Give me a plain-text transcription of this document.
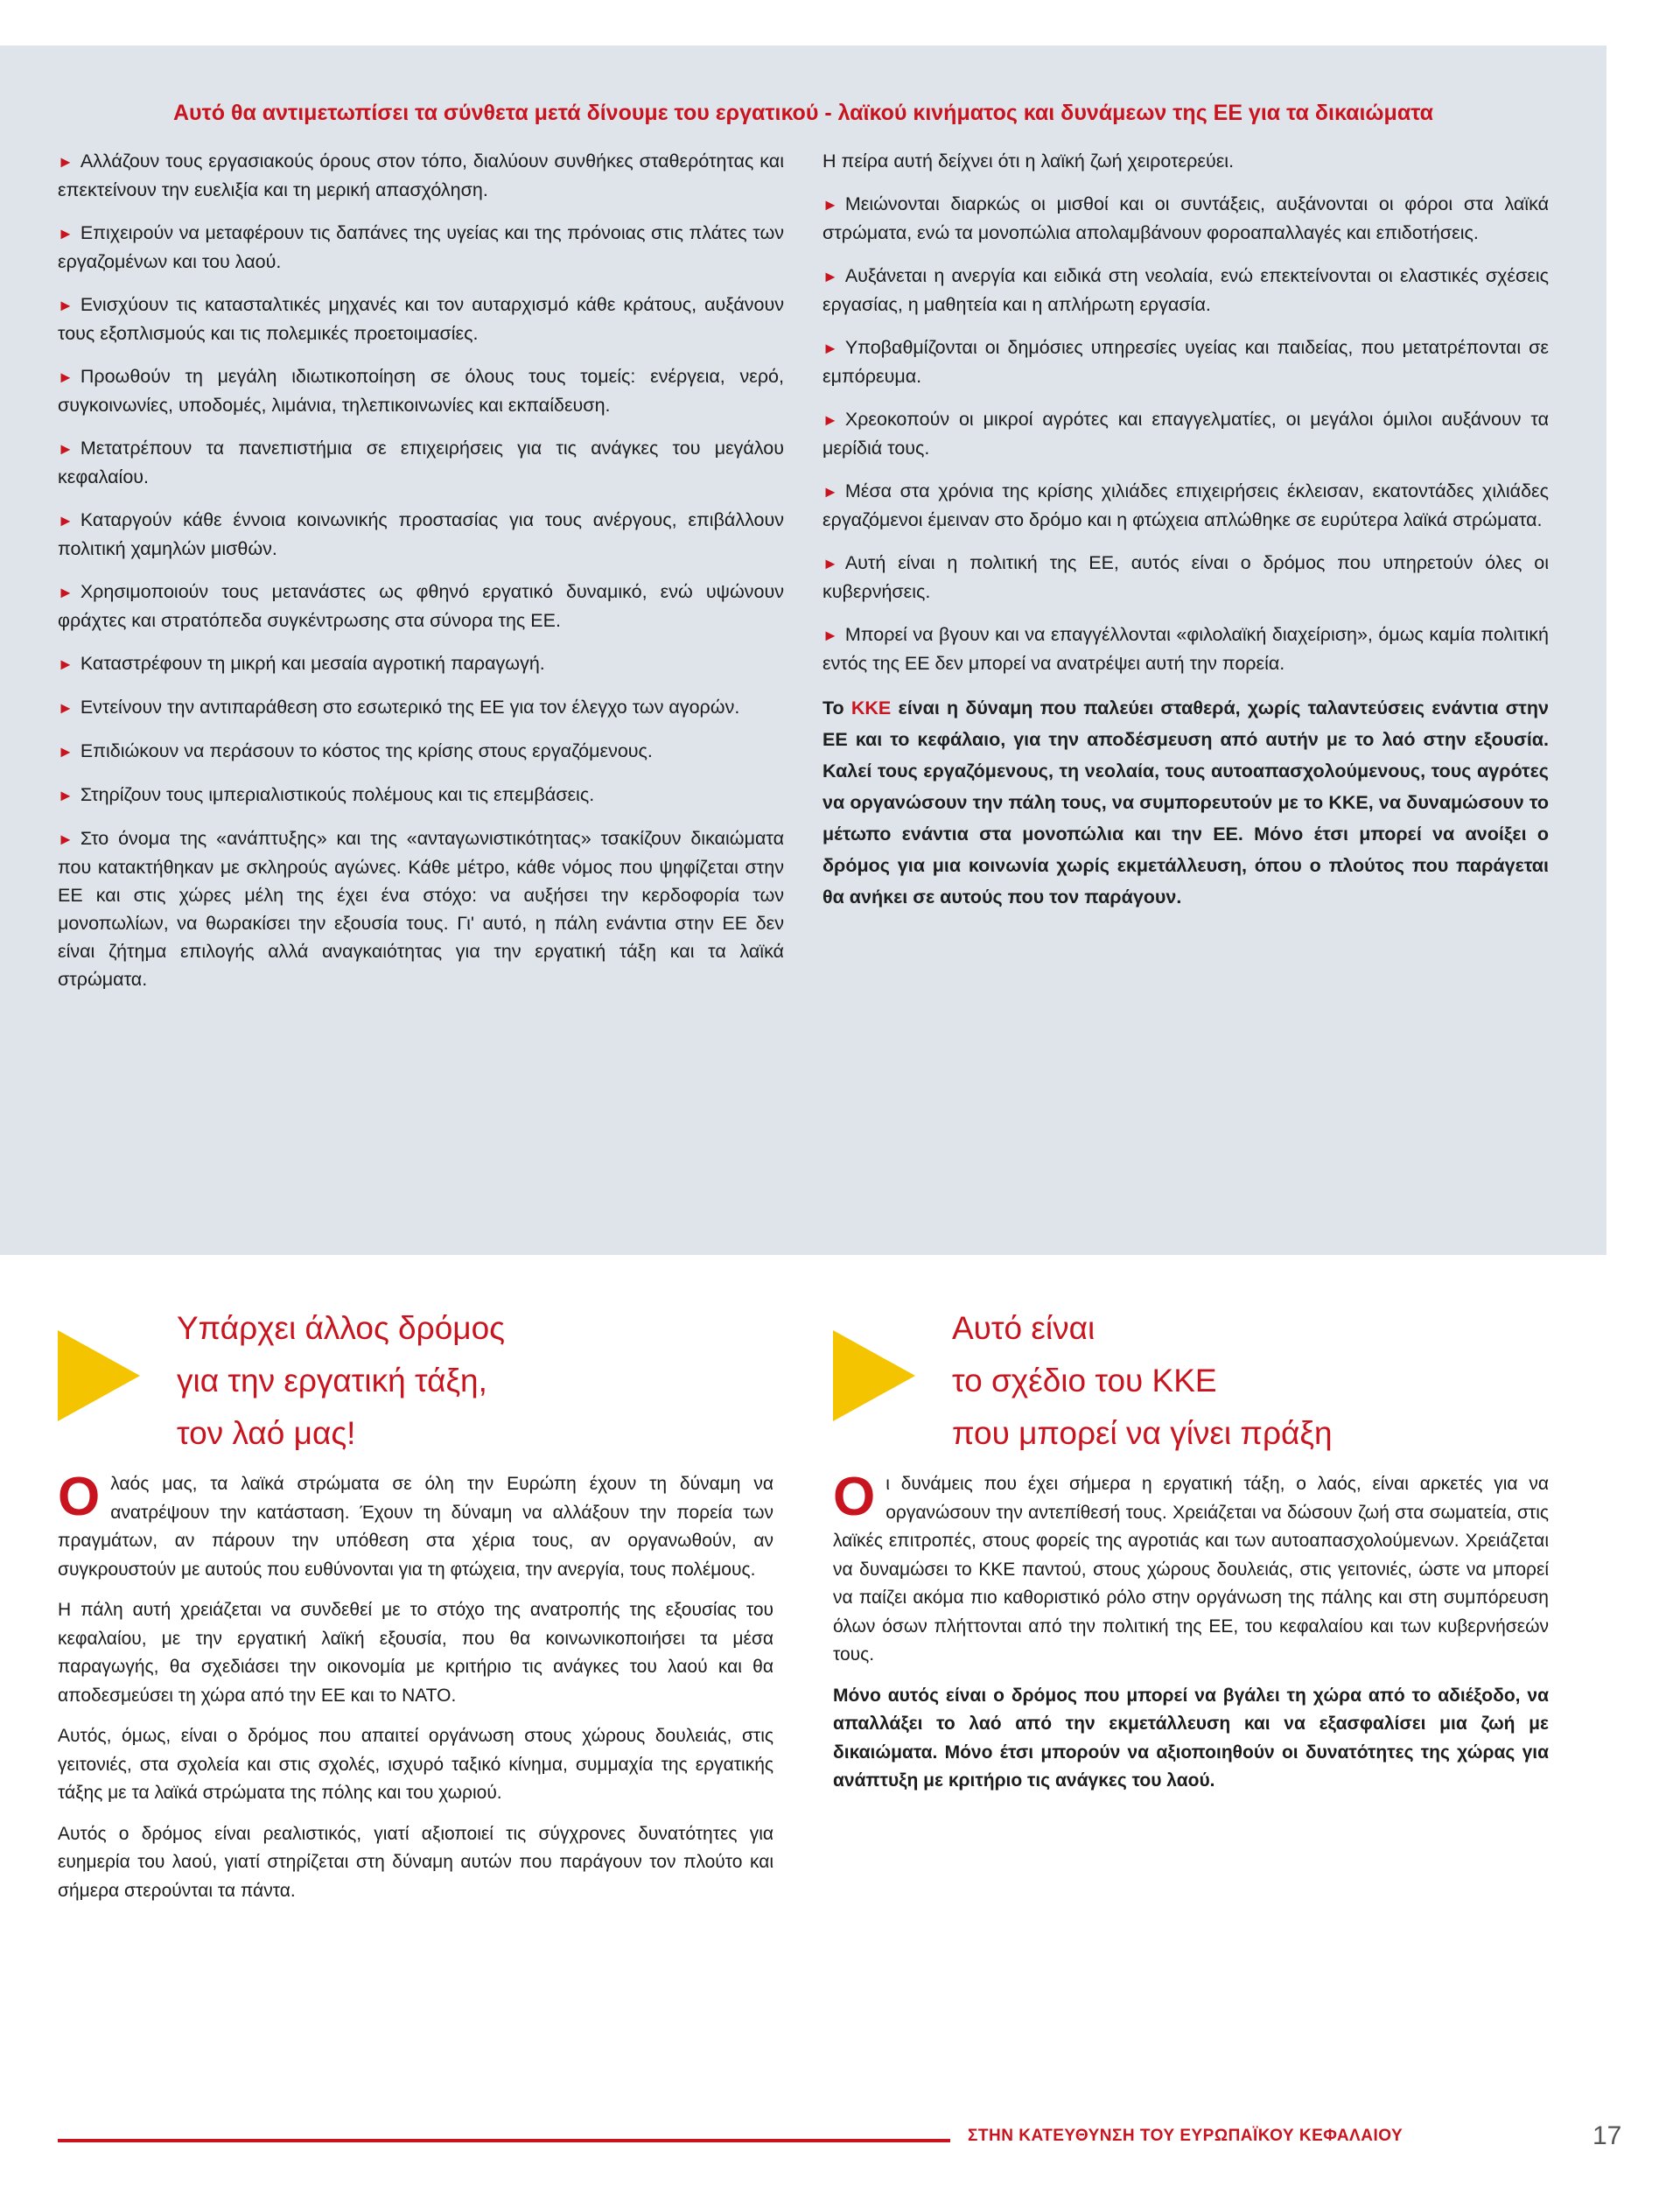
Αυτό θα αντιμετωπίσει τα σύνθετα μετά δίνουμε του εργατικού - λαϊκού κινήματος και δυνάμεων της ΕΕ για τα δικαιώματα
► Αλλάζουν τους εργασιακούς όρους στον τόπο, διαλύουν συνθήκες σταθερότητας και επεκτείνουν την ευελιξία και τη μερική απασχόληση.
► Επιχειρούν να μεταφέρουν τις δαπάνες της υγείας και της πρόνοιας στις πλάτες των εργαζομένων και του λαού.
► Ενισχύουν τις κατασταλτικές μηχανές και τον αυταρχισμό κάθε κράτους, αυξάνουν τους εξοπλισμούς και τις πολεμικές προετοιμασίες.
► Προωθούν τη μεγάλη ιδιωτικοποίηση σε όλους τους τομείς: ενέργεια, νερό, συγκοινωνίες, υποδομές, λιμάνια, τηλεπικοινωνίες και εκπαίδευση.
► Μετατρέπουν τα πανεπιστήμια σε επιχειρήσεις για τις ανάγκες του μεγάλου κεφαλαίου.
► Καταργούν κάθε έννοια κοινωνικής προστασίας για τους ανέργους, επιβάλλουν πολιτική χαμηλών μισθών.
► Χρησιμοποιούν τους μετανάστες ως φθηνό εργατικό δυναμικό, ενώ υψώνουν φράχτες και στρατόπεδα συγκέντρωσης στα σύνορα της ΕΕ.
► Καταστρέφουν τη μικρή και μεσαία αγροτική παραγωγή.
► Εντείνουν την αντιπαράθεση στο εσωτερικό της ΕΕ για τον έλεγχο των αγορών.
► Επιδιώκουν να περάσουν το κόστος της κρίσης στους εργαζόμενους.
► Στηρίζουν τους ιμπεριαλιστικούς πολέμους και τις επεμβάσεις.
► Στο όνομα της «ανάπτυξης» και της «ανταγωνιστικότητας» τσακίζουν δικαιώματα που κατακτήθηκαν με σκληρούς αγώνες. Κάθε μέτρο, κάθε νόμος που ψηφίζεται στην ΕΕ και στις χώρες μέλη της έχει ένα στόχο: να αυξήσει την κερδοφορία των μονοπωλίων, να θωρακίσει την εξουσία τους. Γι' αυτό, η πάλη ενάντια στην ΕΕ δεν είναι ζήτημα επιλογής αλλά αναγκαιότητας για την εργατική τάξη και τα λαϊκά στρώματα.
Η πείρα αυτή δείχνει ότι η λαϊκή ζωή χειροτερεύει.
► Μειώνονται διαρκώς οι μισθοί και οι συντάξεις, αυξάνονται οι φόροι στα λαϊκά στρώματα, ενώ τα μονοπώλια απολαμβάνουν φοροαπαλλαγές και επιδοτήσεις.
► Αυξάνεται η ανεργία και ειδικά στη νεολαία, ενώ επεκτείνονται οι ελαστικές σχέσεις εργασίας, η μαθητεία και η απλήρωτη εργασία.
► Υποβαθμίζονται οι δημόσιες υπηρεσίες υγείας και παιδείας, που μετατρέπονται σε εμπόρευμα.
► Χρεοκοπούν οι μικροί αγρότες και επαγγελματίες, οι μεγάλοι όμιλοι αυξάνουν τα μερίδιά τους.
► Μέσα στα χρόνια της κρίσης χιλιάδες επιχειρήσεις έκλεισαν, εκατοντάδες χιλιάδες εργαζόμενοι έμειναν στο δρόμο και η φτώχεια απλώθηκε σε ευρύτερα λαϊκά στρώματα.
► Αυτή είναι η πολιτική της ΕΕ, αυτός είναι ο δρόμος που υπηρετούν όλες οι κυβερνήσεις.
► Μπορεί να βγουν και να επαγγέλλονται «φιλολαϊκή διαχείριση», όμως καμία πολιτική εντός της ΕΕ δεν μπορεί να ανατρέψει αυτή την πορεία.
Το ΚΚΕ είναι η δύναμη που παλεύει σταθερά, χωρίς ταλαντεύσεις ενάντια στην ΕΕ και το κεφάλαιο, για την αποδέσμευση από αυτήν με το λαό στην εξουσία. Καλεί τους εργαζόμενους, τη νεολαία, τους αυτοαπασχολούμενους, τους αγρότες να οργανώσουν την πάλη τους, να συμπορευτούν με το ΚΚΕ, να δυναμώσουν το μέτωπο ενάντια στα μονοπώλια και την ΕΕ. Μόνο έτσι μπορεί να ανοίξει ο δρόμος για μια κοινωνία χωρίς εκμετάλλευση, όπου ο πλούτος που παράγεται θα ανήκει σε αυτούς που τον παράγουν.
Υπάρχει άλλος δρόμος
για την εργατική τάξη,
τον λαό μας!

Ο λαός μας, τα λαϊκά στρώματα σε όλη την Ευρώπη έχουν τη δύναμη να ανατρέψουν την κατάσταση. Έχουν τη δύναμη να αλλάξουν την πορεία των πραγμάτων, αν πάρουν την υπόθεση στα χέρια τους, αν οργανωθούν, αν συγκρουστούν με αυτούς που ευθύνονται για τη φτώχεια, την ανεργία, τους πολέμους.

Η πάλη αυτή χρειάζεται να συνδεθεί με το στόχο της ανατροπής της εξουσίας του κεφαλαίου, με την εργατική λαϊκή εξουσία, που θα κοινωνικοποιήσει τα μέσα παραγωγής, θα σχεδιάσει την οικονομία με κριτήριο τις ανάγκες του λαού και θα αποδεσμεύσει τη χώρα από την ΕΕ και το ΝΑΤΟ.

Αυτός, όμως, είναι ο δρόμος που απαιτεί οργάνωση στους χώρους δουλειάς, στις γειτονιές, στα σχολεία και στις σχολές, ισχυρό ταξικό κίνημα, συμμαχία της εργατικής τάξης με τα λαϊκά στρώματα της πόλης και του χωριού.

Αυτός ο δρόμος είναι ρεαλιστικός, γιατί αξιοποιεί τις σύγχρονες δυνατότητες για ευημερία του λαού, γιατί στηρίζεται στη δύναμη αυτών που παράγουν τον πλούτο και σήμερα στερούνται τα πάντα.

Αυτό είναι
το σχέδιο του ΚΚΕ
που μπορεί να γίνει πράξη

Οι δυνάμεις που έχει σήμερα η εργατική τάξη, ο λαός, είναι αρκετές για να οργανώσουν την αντεπίθεσή τους. Χρειάζεται να δώσουν ζωή στα σωματεία, στις λαϊκές επιτροπές, στους φορείς της αγροτιάς και των αυτοαπασχολούμενων. Χρειάζεται να δυναμώσει το ΚΚΕ παντού, στους χώρους δουλειάς, στις γειτονιές, ώστε να μπορεί να παίζει ακόμα πιο καθοριστικό ρόλο στην οργάνωση της πάλης και στη συμπόρευση όλων όσων πλήττονται από την πολιτική της ΕΕ, του κεφαλαίου και των κυβερνήσεών τους.

Μόνο αυτός είναι ο δρόμος που μπορεί να βγάλει τη χώρα από το αδιέξοδο, να απαλλάξει το λαό από την εκμετάλλευση και να εξασφαλίσει μια ζωή με δικαιώματα. Μόνο έτσι μπορούν να αξιοποιηθούν οι δυνατότητες της χώρας για ανάπτυξη με κριτήριο τις ανάγκες του λαού.

ΣΤΗΝ ΚΑΤΕΥΘΥΝΣΗ ΤΟΥ ΕΥΡΩΠΑΪΚΟΥ ΚΕΦΑΛΑΙΟΥ	17
